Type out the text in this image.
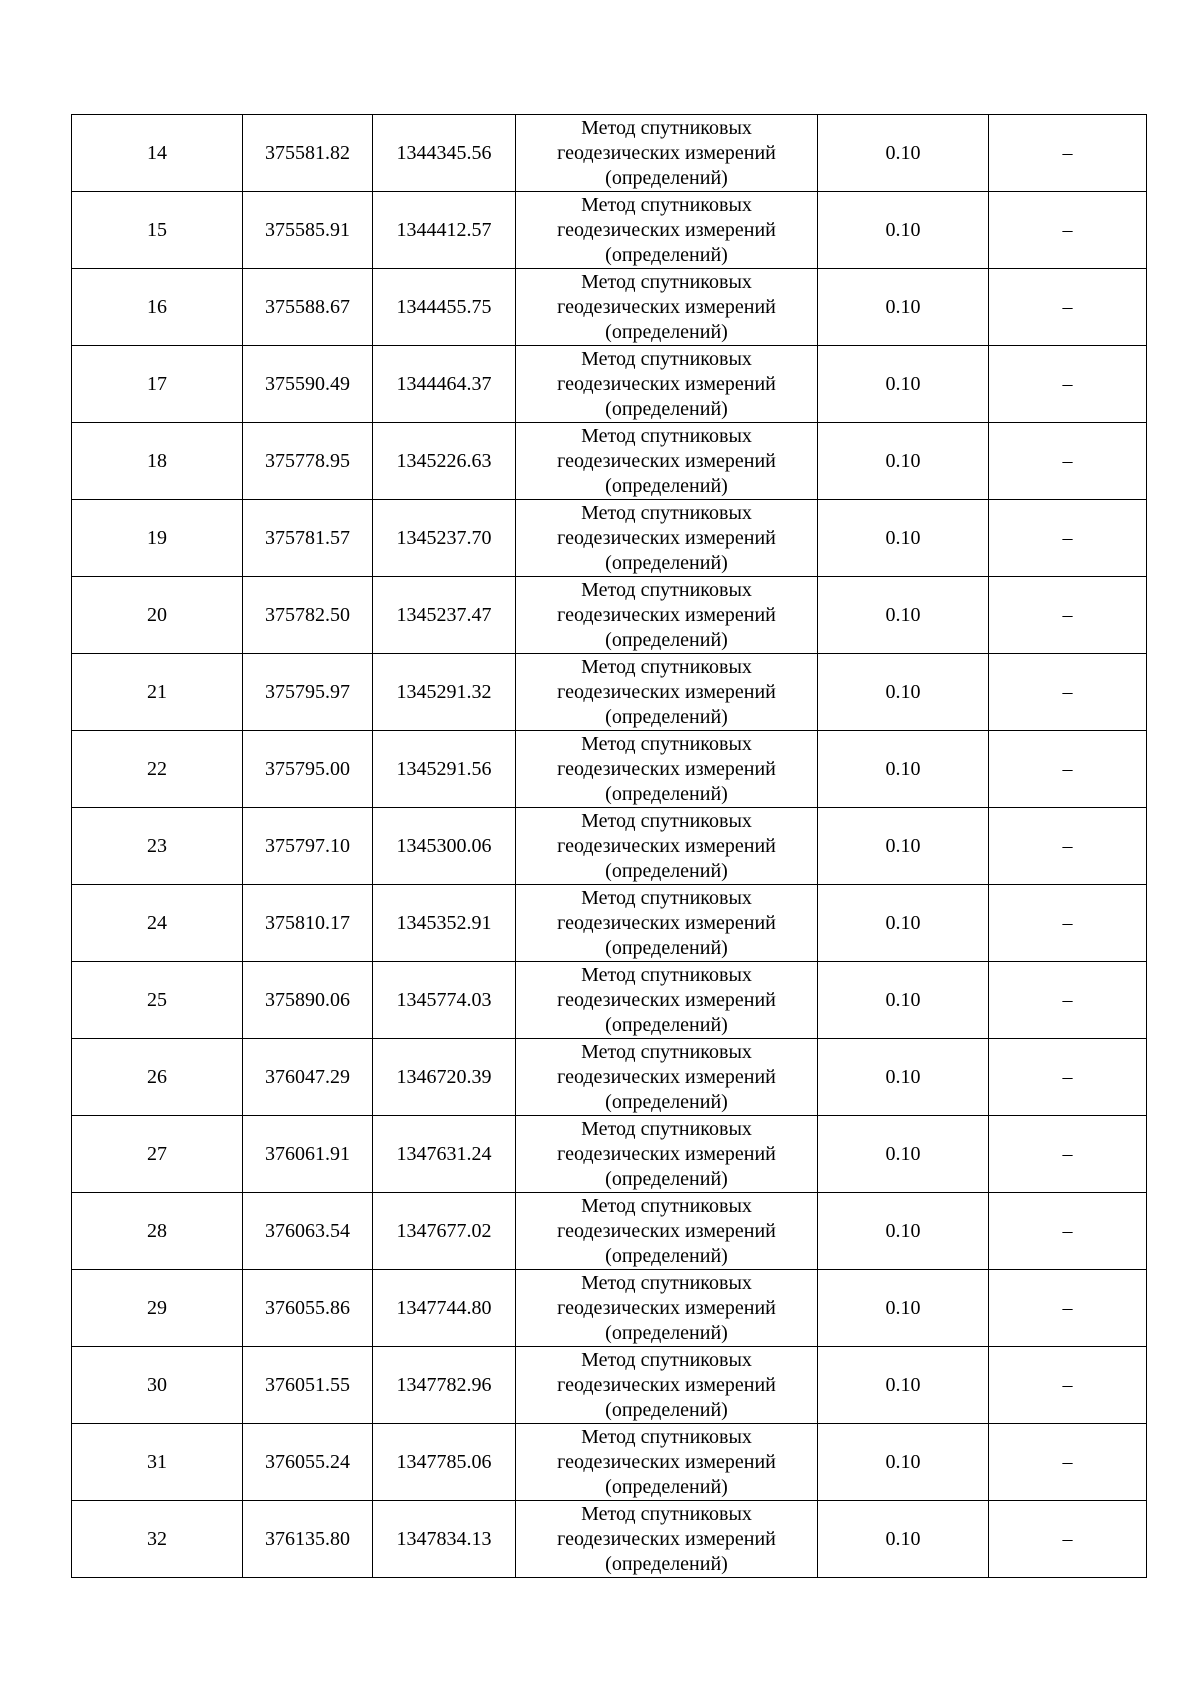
14	375581.82	1344345.56	Метод спутниковых
геодезических измерений
(определений)	0.10	–
15	375585.91	1344412.57	Метод спутниковых
геодезических измерений
(определений)	0.10	–
16	375588.67	1344455.75	Метод спутниковых
геодезических измерений
(определений)	0.10	–
17	375590.49	1344464.37	Метод спутниковых
геодезических измерений
(определений)	0.10	–
18	375778.95	1345226.63	Метод спутниковых
геодезических измерений
(определений)	0.10	–
19	375781.57	1345237.70	Метод спутниковых
геодезических измерений
(определений)	0.10	–
20	375782.50	1345237.47	Метод спутниковых
геодезических измерений
(определений)	0.10	–
21	375795.97	1345291.32	Метод спутниковых
геодезических измерений
(определений)	0.10	–
22	375795.00	1345291.56	Метод спутниковых
геодезических измерений
(определений)	0.10	–
23	375797.10	1345300.06	Метод спутниковых
геодезических измерений
(определений)	0.10	–
24	375810.17	1345352.91	Метод спутниковых
геодезических измерений
(определений)	0.10	–
25	375890.06	1345774.03	Метод спутниковых
геодезических измерений
(определений)	0.10	–
26	376047.29	1346720.39	Метод спутниковых
геодезических измерений
(определений)	0.10	–
27	376061.91	1347631.24	Метод спутниковых
геодезических измерений
(определений)	0.10	–
28	376063.54	1347677.02	Метод спутниковых
геодезических измерений
(определений)	0.10	–
29	376055.86	1347744.80	Метод спутниковых
геодезических измерений
(определений)	0.10	–
30	376051.55	1347782.96	Метод спутниковых
геодезических измерений
(определений)	0.10	–
31	376055.24	1347785.06	Метод спутниковых
геодезических измерений
(определений)	0.10	–
32	376135.80	1347834.13	Метод спутниковых
геодезических измерений
(определений)	0.10	–
